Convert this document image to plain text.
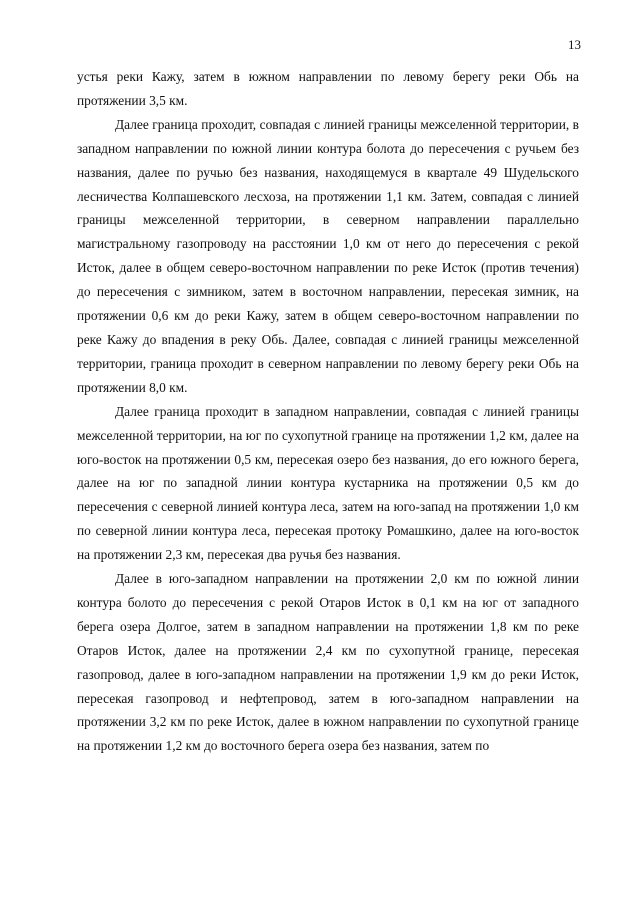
13

устья реки Кажу, затем в южном направлении по левому берегу реки Обь на протяжении 3,5 км.

Далее граница проходит, совпадая с линией границы межселенной территории, в западном направлении по южной линии контура болота до пересечения с ручьем без названия, далее по ручью без названия, находящемуся в квартале 49 Шудельского лесничества Колпашевского лесхоза, на протяжении 1,1 км. Затем, совпадая с линией границы межселенной территории, в северном направлении параллельно магистральному газопроводу на расстоянии 1,0 км от него до пересечения с рекой Исток, далее в общем северо-восточном направлении по реке Исток (против течения) до пересечения с зимником, затем в восточном направлении, пересекая зимник, на протяжении 0,6 км до реки Кажу, затем в общем северо-восточном направлении по реке Кажу до впадения в реку Обь. Далее, совпадая с линией границы межселенной территории, граница проходит в северном направлении по левому берегу реки Обь на протяжении 8,0 км.

Далее граница проходит в западном направлении, совпадая с линией границы межселенной территории, на юг по сухопутной границе на протяжении 1,2 км, далее на юго-восток на протяжении 0,5 км, пересекая озеро без названия, до его южного берега, далее на юг по западной линии контура кустарника на протяжении 0,5 км до пересечения с северной линией контура леса, затем на юго-запад на протяжении 1,0 км по северной линии контура леса, пересекая протоку Ромашкино, далее на юго-восток на протяжении 2,3 км, пересекая два ручья без названия.

Далее в юго-западном направлении на протяжении 2,0 км по южной линии контура болото до пересечения с рекой Отаров Исток в 0,1 км на юг от западного берега озера Долгое, затем в западном направлении на протяжении 1,8 км по реке Отаров Исток, далее на протяжении 2,4 км по сухопутной границе, пересекая газопровод, далее в юго-западном направлении на протяжении 1,9 км до реки Исток, пересекая газопровод и нефтепровод, затем в юго-западном направлении на протяжении 3,2 км по реке Исток, далее в южном направлении по сухопутной границе на протяжении 1,2 км до восточного берега озера без названия, затем по
